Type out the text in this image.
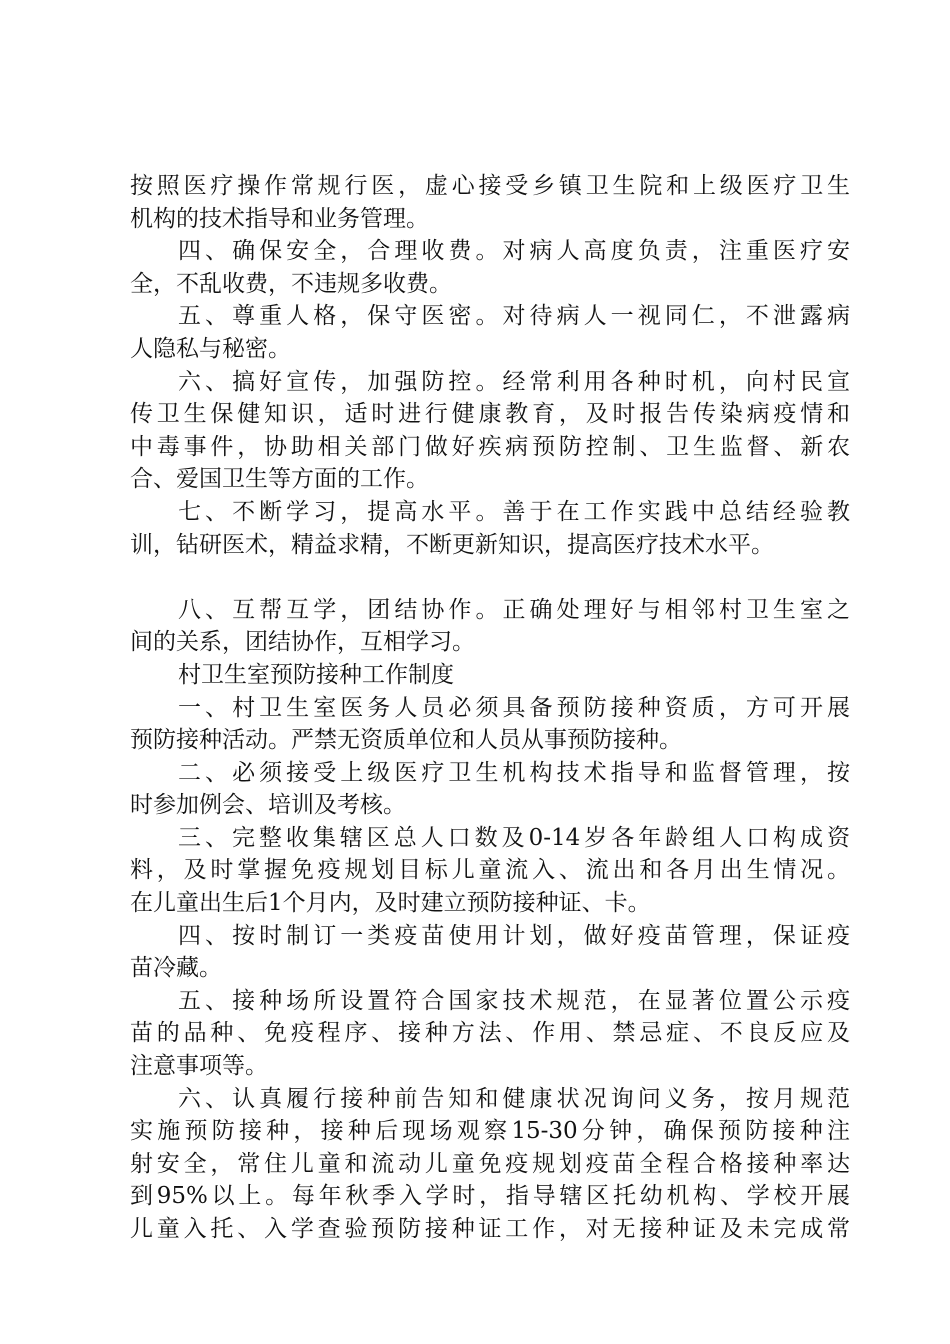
按照医疗操作常规行医，虚心接受乡镇卫生院和上级医疗卫生
机构的技术指导和业务管理。
四、确保安全，合理收费。对病人高度负责，注重医疗安
全，不乱收费，不违规多收费。
五、尊重人格，保守医密。对待病人一视同仁，不泄露病
人隐私与秘密。
六、搞好宣传，加强防控。经常利用各种时机，向村民宣
传卫生保健知识，适时进行健康教育，及时报告传染病疫情和
中毒事件，协助相关部门做好疾病预防控制、卫生监督、新农
合、爱国卫生等方面的工作。
七、不断学习，提高水平。善于在工作实践中总结经验教
训，钻研医术，精益求精，不断更新知识，提高医疗技术水平。
八、互帮互学，团结协作。正确处理好与相邻村卫生室之
间的关系，团结协作，互相学习。
村卫生室预防接种工作制度
一、村卫生室医务人员必须具备预防接种资质，方可开展
预防接种活动。严禁无资质单位和人员从事预防接种。
二、必须接受上级医疗卫生机构技术指导和监督管理，按
时参加例会、培训及考核。
三、完整收集辖区总人口数及0-14岁各年龄组人口构成资
料，及时掌握免疫规划目标儿童流入、流出和各月出生情况。
在儿童出生后1个月内，及时建立预防接种证、卡。
四、按时制订一类疫苗使用计划，做好疫苗管理，保证疫
苗冷藏。
五、接种场所设置符合国家技术规范，在显著位置公示疫
苗的品种、免疫程序、接种方法、作用、禁忌症、不良反应及
注意事项等。
六、认真履行接种前告知和健康状况询问义务，按月规范
实施预防接种，接种后现场观察15-30分钟，确保预防接种注
射安全，常住儿童和流动儿童免疫规划疫苗全程合格接种率达
到95%以上。每年秋季入学时，指导辖区托幼机构、学校开展
儿童入托、入学查验预防接种证工作，对无接种证及未完成常
